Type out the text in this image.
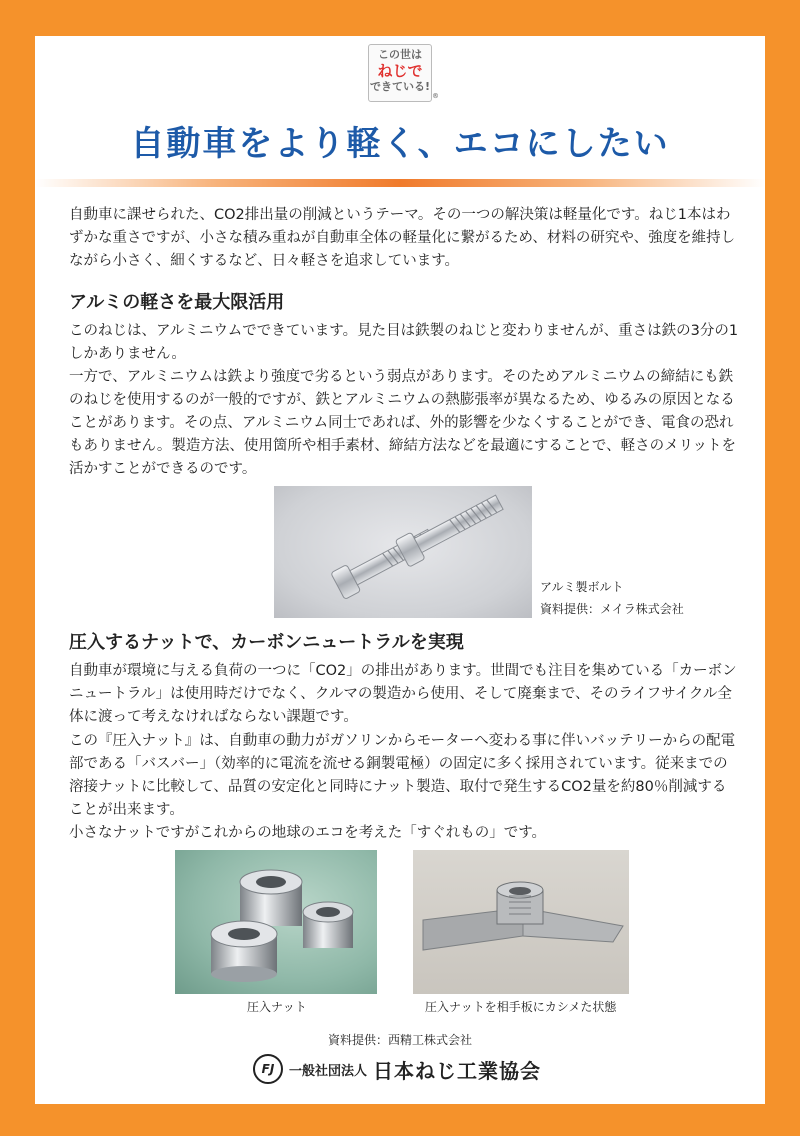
この世は
ねじで
できている!
®
自動車をより軽く、エコにしたい

自動車に課せられた、CO2排出量の削減というテーマ。その一つの解決策は軽量化です。ねじ1本はわずかな重さですが、小さな積み重ねが自動車全体の軽量化に繋がるため、材料の研究や、強度を維持しながら小さく、細くするなど、日々軽さを追求しています。

アルミの軽さを最大限活用

このねじは、アルミニウムでできています。見た目は鉄製のねじと変わりませんが、重さは鉄の3分の1しかありません。

一方で、アルミニウムは鉄より強度で劣るという弱点があります。そのためアルミニウムの締結にも鉄のねじを使用するのが一般的ですが、鉄とアルミニウムの熱膨張率が異なるため、ゆるみの原因となることがあります。その点、アルミニウム同士であれば、外的影響を少なくすることができ、電食の恐れもありません。製造方法、使用箇所や相手素材、締結方法などを最適にすることで、軽さのメリットを活かすことができるのです。

アルミ製ボルト
資料提供：メイラ株式会社
圧入するナットで、カーボンニュートラルを実現

自動車が環境に与える負荷の一つに「CO2」の排出があります。世間でも注目を集めている「カーボンニュートラル」は使用時だけでなく、クルマの製造から使用、そして廃棄まで、そのライフサイクル全体に渡って考えなければならない課題です。

この『圧入ナット』は、自動車の動力がガソリンからモーターへ変わる事に伴いバッテリーからの配電部である「バスバー」（効率的に電流を流せる銅製電極）の固定に多く採用されています。従来までの溶接ナットに比較して、品質の安定化と同時にナット製造、取付で発生するCO2量を約80％削減することが出来ます。

小さなナットですがこれからの地球のエコを考えた「すぐれもの」です。

圧入ナット	圧入ナットを相手板にカシメた状態
資料提供：西精工株式会社
FJ	一般社団法人 日本ねじ工業協会
